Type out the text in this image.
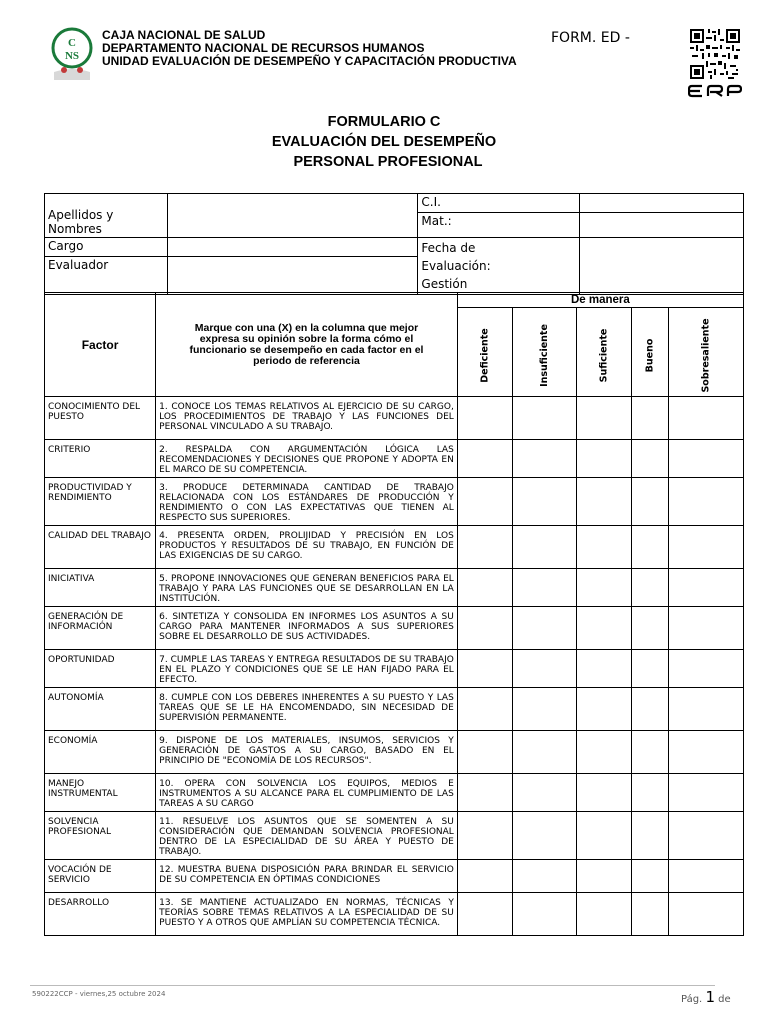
C
NS
CAJA NACIONAL DE SALUD
DEPARTAMENTO NACIONAL DE RECURSOS HUMANOS
UNIDAD EVALUACIÓN DE DESEMPEÑO Y CAPACITACIÓN PRODUCTIVA
FORM. ED -
FORMULARIO C
EVALUACIÓN DEL DESEMPEÑO
PERSONAL PROFESIONAL
Apellidos y Nombres		C.I.	
		Mat.:	
Cargo		Fecha de Evaluación:
Gestión	

Evaluador			
Factor	Marque con una (X) en la columna que mejor expresa su opinión sobre la forma cómo el funcionario se desempeño en cada factor en el periodo de referencia	De manera				
		Deficiente	Insuficiente	Suficiente	Bueno	Sobresaliente
CONOCIMIENTO DEL PUESTO	1. CONOCE LOS TEMAS RELATIVOS AL EJERCICIO DE SU CARGO, LOS PROCEDIMIENTOS DE TRABAJO Y LAS FUNCIONES DEL PERSONAL VINCULADO A SU TRABAJO.					
CRITERIO	2. RESPALDA CON ARGUMENTACIÓN LÓGICA LAS RECOMENDACIONES Y DECISIONES QUE PROPONE Y ADOPTA EN EL MARCO DE SU COMPETENCIA.					
PRODUCTIVIDAD Y RENDIMIENTO	3. PRODUCE DETERMINADA CANTIDAD DE TRABAJO RELACIONADA CON LOS ESTÁNDARES DE PRODUCCIÓN Y RENDIMIENTO O CON LAS EXPECTATIVAS QUE TIENEN AL RESPECTO SUS SUPERIORES.					
CALIDAD DEL TRABAJO	4. PRESENTA ORDEN, PROLIJIDAD Y PRECISIÓN EN LOS PRODUCTOS Y RESULTADOS DE SU TRABAJO, EN FUNCIÓN DE LAS EXIGENCIAS DE SU CARGO.					
INICIATIVA	5. PROPONE INNOVACIONES QUE GENERAN BENEFICIOS PARA EL TRABAJO Y PARA LAS FUNCIONES QUE SE DESARROLLAN EN LA INSTITUCIÓN.					
GENERACIÓN DE INFORMACIÓN	6. SINTETIZA Y CONSOLIDA EN INFORMES LOS ASUNTOS A SU CARGO PARA MANTENER INFORMADOS A SUS SUPERIORES SOBRE EL DESARROLLO DE SUS ACTIVIDADES.					
OPORTUNIDAD	7. CUMPLE LAS TAREAS Y ENTREGA RESULTADOS DE SU TRABAJO EN EL PLAZO Y CONDICIONES QUE SE LE HAN FIJADO PARA EL EFECTO.					
AUTONOMÍA	8. CUMPLE CON LOS DEBERES INHERENTES A SU PUESTO Y LAS TAREAS QUE SE LE HA ENCOMENDADO, SIN NECESIDAD DE SUPERVISIÓN PERMANENTE.					
ECONOMÍA	9. DISPONE DE LOS MATERIALES, INSUMOS, SERVICIOS Y GENERACIÓN DE GASTOS A SU CARGO, BASADO EN EL PRINCIPIO DE "ECONOMÍA DE LOS RECURSOS".					
MANEJO INSTRUMENTAL	10. OPERA CON SOLVENCIA LOS EQUIPOS, MEDIOS E INSTRUMENTOS A SU ALCANCE PARA EL CUMPLIMIENTO DE LAS TAREAS A SU CARGO					
SOLVENCIA PROFESIONAL	11. RESUELVE LOS ASUNTOS QUE SE SOMENTEN A SU CONSIDERACIÓN QUE DEMANDAN SOLVENCIA PROFESIONAL DENTRO DE LA ESPECIALIDAD DE SU ÁREA Y PUESTO DE TRABAJO.					
VOCACIÓN DE SERVICIO	12. MUESTRA BUENA DISPOSICIÓN PARA BRINDAR EL SERVICIO DE SU COMPETENCIA EN ÓPTIMAS CONDICIONES					
DESARROLLO	13. SE MANTIENE ACTUALIZADO EN NORMAS, TÉCNICAS Y TEORÍAS SOBRE TEMAS RELATIVOS A LA ESPECIALIDAD DE SU PUESTO Y A OTROS QUE AMPLÍAN SU COMPETENCIA TÉCNICA.					
590222CCP - viernes,25 octubre 2024	Pág. 1 de
